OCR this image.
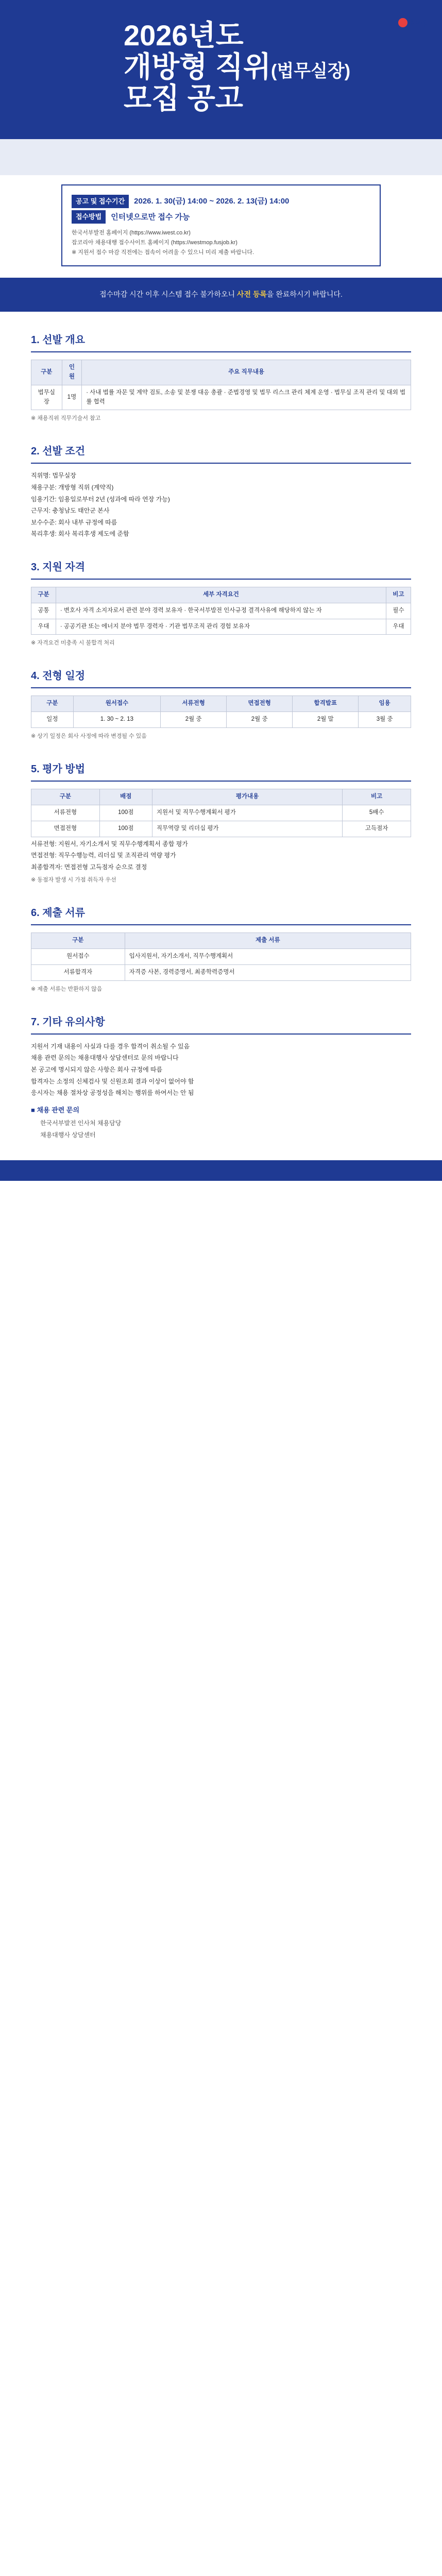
kwp
2026년도
개방형 직위(법무실장)
모집 공고
공고 및 접수기간	2026. 1. 30(금) 14:00 ~ 2026. 2. 13(금) 14:00
접수방법	인터넷으로만 접수 가능
한국서부발전 홈페이지 (https://www.iwest.co.kr)
잡코리아 채용대행 접수사이트 홈페이지 (https://westmop.fusjob.kr)
※ 지원서 접수 마감 직전에는 접속이 어려울 수 있으니 미리 제출 바랍니다.
접수마감 시간 이후 시스템 접수 불가하오니 사전 등록을 완료하시기 바랍니다.
1. 선발 개요
구분	인원	주요 직무내용
법무실장	1명	· 사내 법률 자문 및 계약 검토, 소송 및 분쟁 대응 총괄 · 준법경영 및 법무 리스크 관리 체계 운영 · 법무실 조직 관리 및 대외 법률 협력
※ 채용직위 직무기술서 참고
2. 선발 조건
직위명: 법무실장
채용구분: 개방형 직위 (계약직)
임용기간: 임용일로부터 2년 (성과에 따라 연장 가능)
근무지: 충청남도 태안군 본사
보수수준: 회사 내부 규정에 따름
복리후생: 회사 복리후생 제도에 준함
3. 지원 자격
구분	세부 자격요건	비고
공통	· 변호사 자격 소지자로서 관련 분야 경력 보유자 · 한국서부발전 인사규정 결격사유에 해당하지 않는 자	필수
우대	· 공공기관 또는 에너지 분야 법무 경력자 · 기관 법무조직 관리 경험 보유자	우대
※ 자격요건 미충족 시 불합격 처리
4. 전형 일정
구분	원서접수	서류전형	면접전형	합격발표	임용
일정	1. 30 ~ 2. 13	2월 중	2월 중	2월 말	3월 중
※ 상기 일정은 회사 사정에 따라 변경될 수 있음
5. 평가 방법
구분	배점	평가내용	비고
서류전형	100점	지원서 및 직무수행계획서 평가	5배수
면접전형	100점	직무역량 및 리더십 평가	고득점자
서류전형: 지원서, 자기소개서 및 직무수행계획서 종합 평가
면접전형: 직무수행능력, 리더십 및 조직관리 역량 평가
최종합격자: 면접전형 고득점자 순으로 결정
※ 동점자 발생 시 가점 취득자 우선
6. 제출 서류
구분	제출 서류
원서접수	입사지원서, 자기소개서, 직무수행계획서
서류합격자	자격증 사본, 경력증명서, 최종학력증명서
※ 제출 서류는 반환하지 않음
7. 기타 유의사항
지원서 기재 내용이 사실과 다를 경우 합격이 취소될 수 있음
채용 관련 문의는 채용대행사 상담센터로 문의 바랍니다
본 공고에 명시되지 않은 사항은 회사 규정에 따름
합격자는 소정의 신체검사 및 신원조회 결과 이상이 없어야 함
응시자는 채용 절차상 공정성을 해치는 행위를 하여서는 안 됨
■ 채용 관련 문의
한국서부발전 인사처 채용담당
채용대행사 상담센터
